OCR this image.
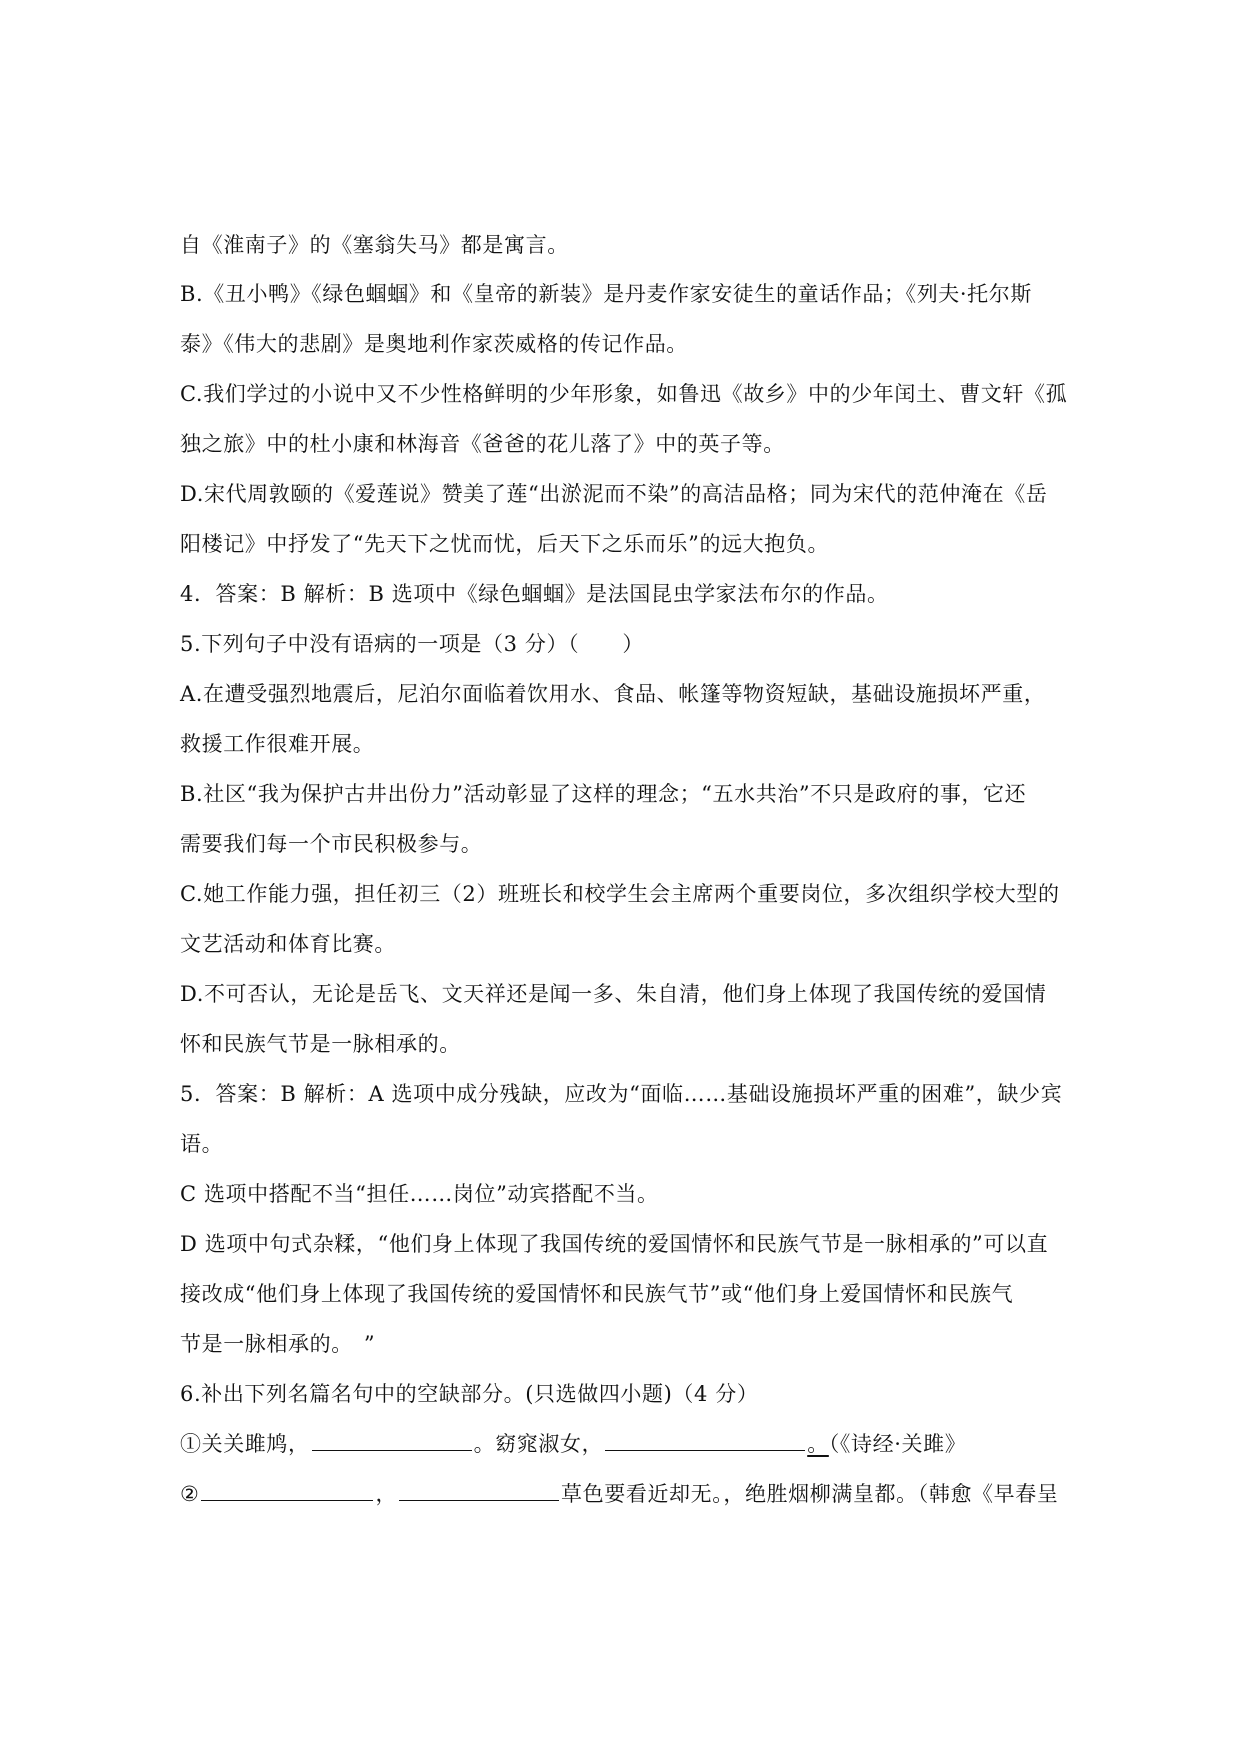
自《淮南子》的《塞翁失马》都是寓言。
B.《丑小鸭》《绿色蝈蝈》和《皇帝的新装》是丹麦作家安徒生的童话作品；《列夫·托尔斯
泰》《伟大的悲剧》是奥地利作家茨威格的传记作品。
C.我们学过的小说中又不少性格鲜明的少年形象，如鲁迅《故乡》中的少年闰土、曹文轩《孤
独之旅》中的杜小康和林海音《爸爸的花儿落了》中的英子等。
D.宋代周敦颐的《爱莲说》赞美了莲“出淤泥而不染”的高洁品格；同为宋代的范仲淹在《岳
阳楼记》中抒发了“先天下之忧而忧，后天下之乐而乐”的远大抱负。
4．答案：B 解析：B 选项中《绿色蝈蝈》是法国昆虫学家法布尔的作品。
5.下列句子中没有语病的一项是（3 分）（　　）
A.在遭受强烈地震后，尼泊尔面临着饮用水、食品、帐篷等物资短缺，基础设施损坏严重，
救援工作很难开展。
B.社区“我为保护古井出份力”活动彰显了这样的理念；“五水共治”不只是政府的事，它还
需要我们每一个市民积极参与。
C.她工作能力强，担任初三（2）班班长和校学生会主席两个重要岗位，多次组织学校大型的
文艺活动和体育比赛。
D.不可否认，无论是岳飞、文天祥还是闻一多、朱自清，他们身上体现了我国传统的爱国情
怀和民族气节是一脉相承的。
5．答案：B 解析：A 选项中成分残缺，应改为“面临……基础设施损坏严重的困难”，缺少宾
语。
C 选项中搭配不当“担任……岗位”动宾搭配不当。
D 选项中句式杂糅，“他们身上体现了我国传统的爱国情怀和民族气节是一脉相承的”可以直
接改成“他们身上体现了我国传统的爱国情怀和民族气节”或“他们身上爱国情怀和民族气
节是一脉相承的。　”
6.补出下列名篇名句中的空缺部分。(只选做四小题)（4 分）
①关关雎鸠，	。窈窕淑女，	。（《诗经·关雎》
②	，	草色要看近却无。，绝胜烟柳满皇都。（韩愈《早春呈
